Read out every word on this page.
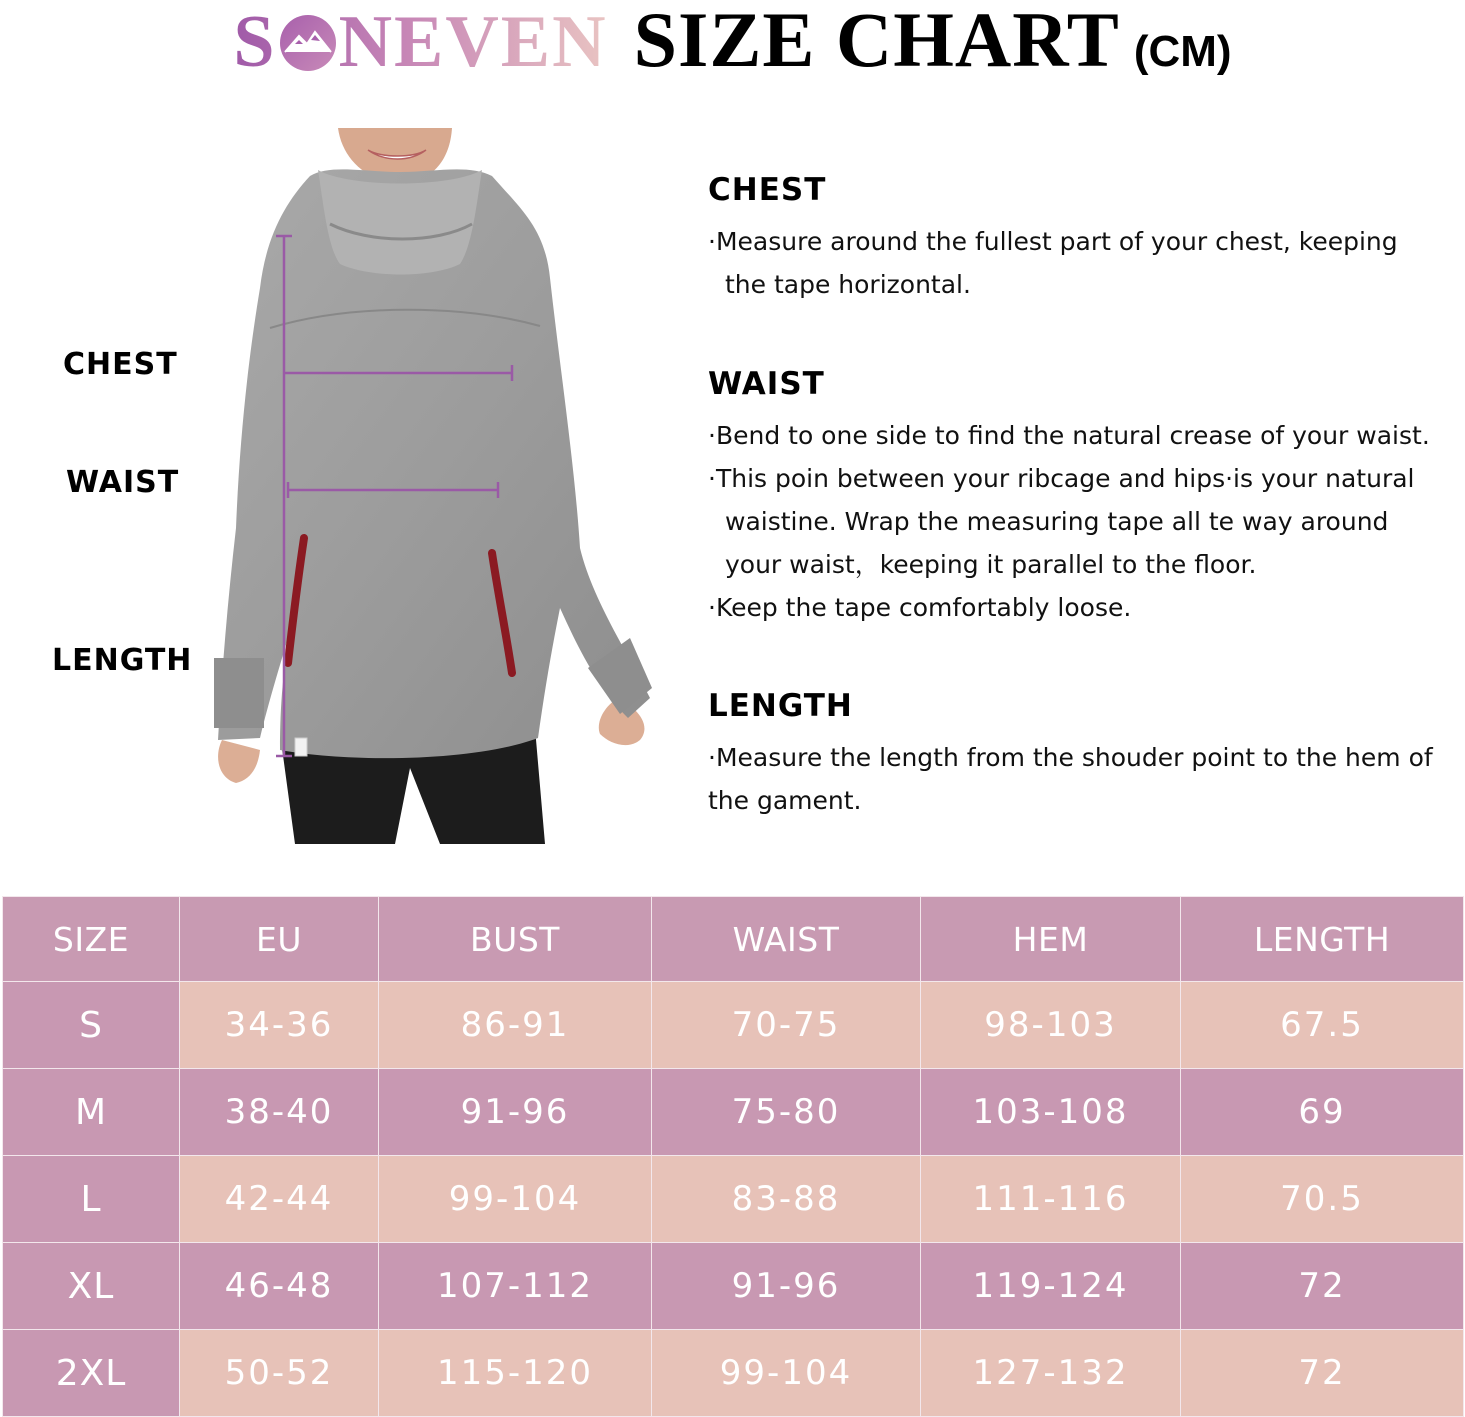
S NEVEN SIZE CHART (CM)
CHEST
WAIST
LENGTH
CHEST

·Measure around the fullest part of your chest, keeping

the tape horizontal.

WAIST

·Bend to one side to find the natural crease of your waist.

·This poin between your ribcage and hips·is your natural

waistine. Wrap the measuring tape all te way around

your waist，keeping it parallel to the floor.

·Keep the tape comfortably loose.

LENGTH

·Measure the length from the shouder point to the hem of

the gament.

SIZE	EU	BUST	WAIST	HEM	LENGTH
S	34-36	86-91	70-75	98-103	67.5
M	38-40	91-96	75-80	103-108	69
L	42-44	99-104	83-88	111-116	70.5
XL	46-48	107-112	91-96	119-124	72
2XL	50-52	115-120	99-104	127-132	72
